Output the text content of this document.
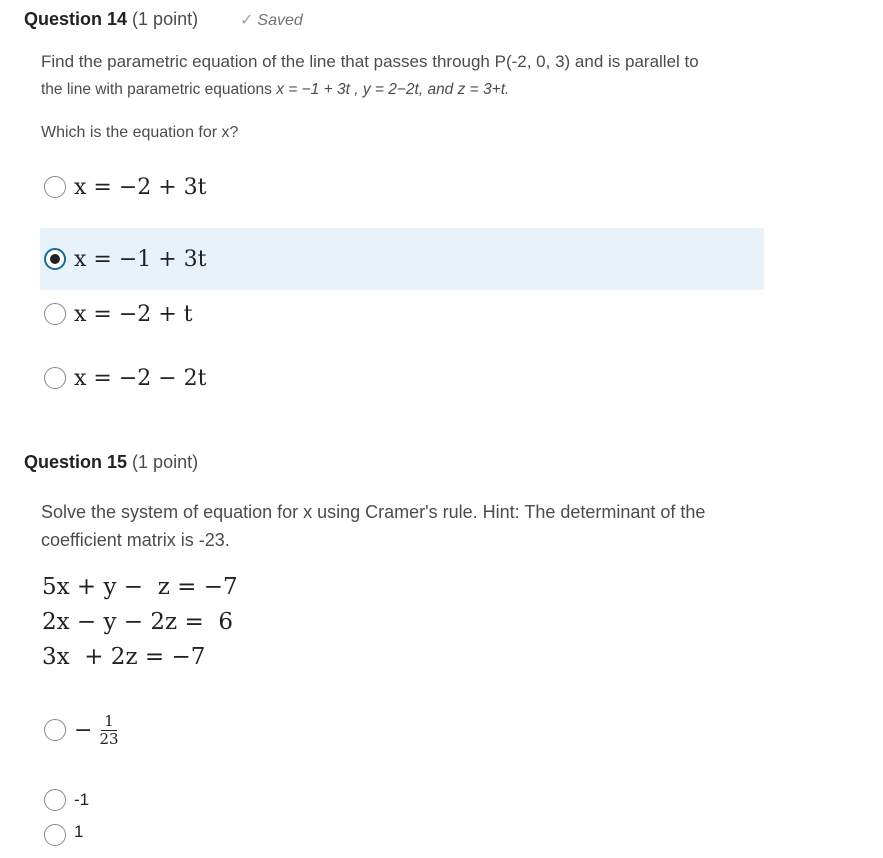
Question 14 (1 point)	✓ Saved
Find the parametric equation of the line that passes through P(-2, 0, 3) and is parallel to
the line with parametric equations x = −1 + 3t , y = 2−2t, and z = 3+t.
Which is the equation for x?
x = −2 + 3t
x = −1 + 3t
x = −2 + t
x = −2 − 2t
Question 15 (1 point)
Solve the system of equation for x using Cramer's rule. Hint: The determinant of the coefficient matrix is -23.
5x + y −  z = −7
2x − y − 2z =  6
3x  + 2z = −7
− $\frac{1}{23}$
-1
1
